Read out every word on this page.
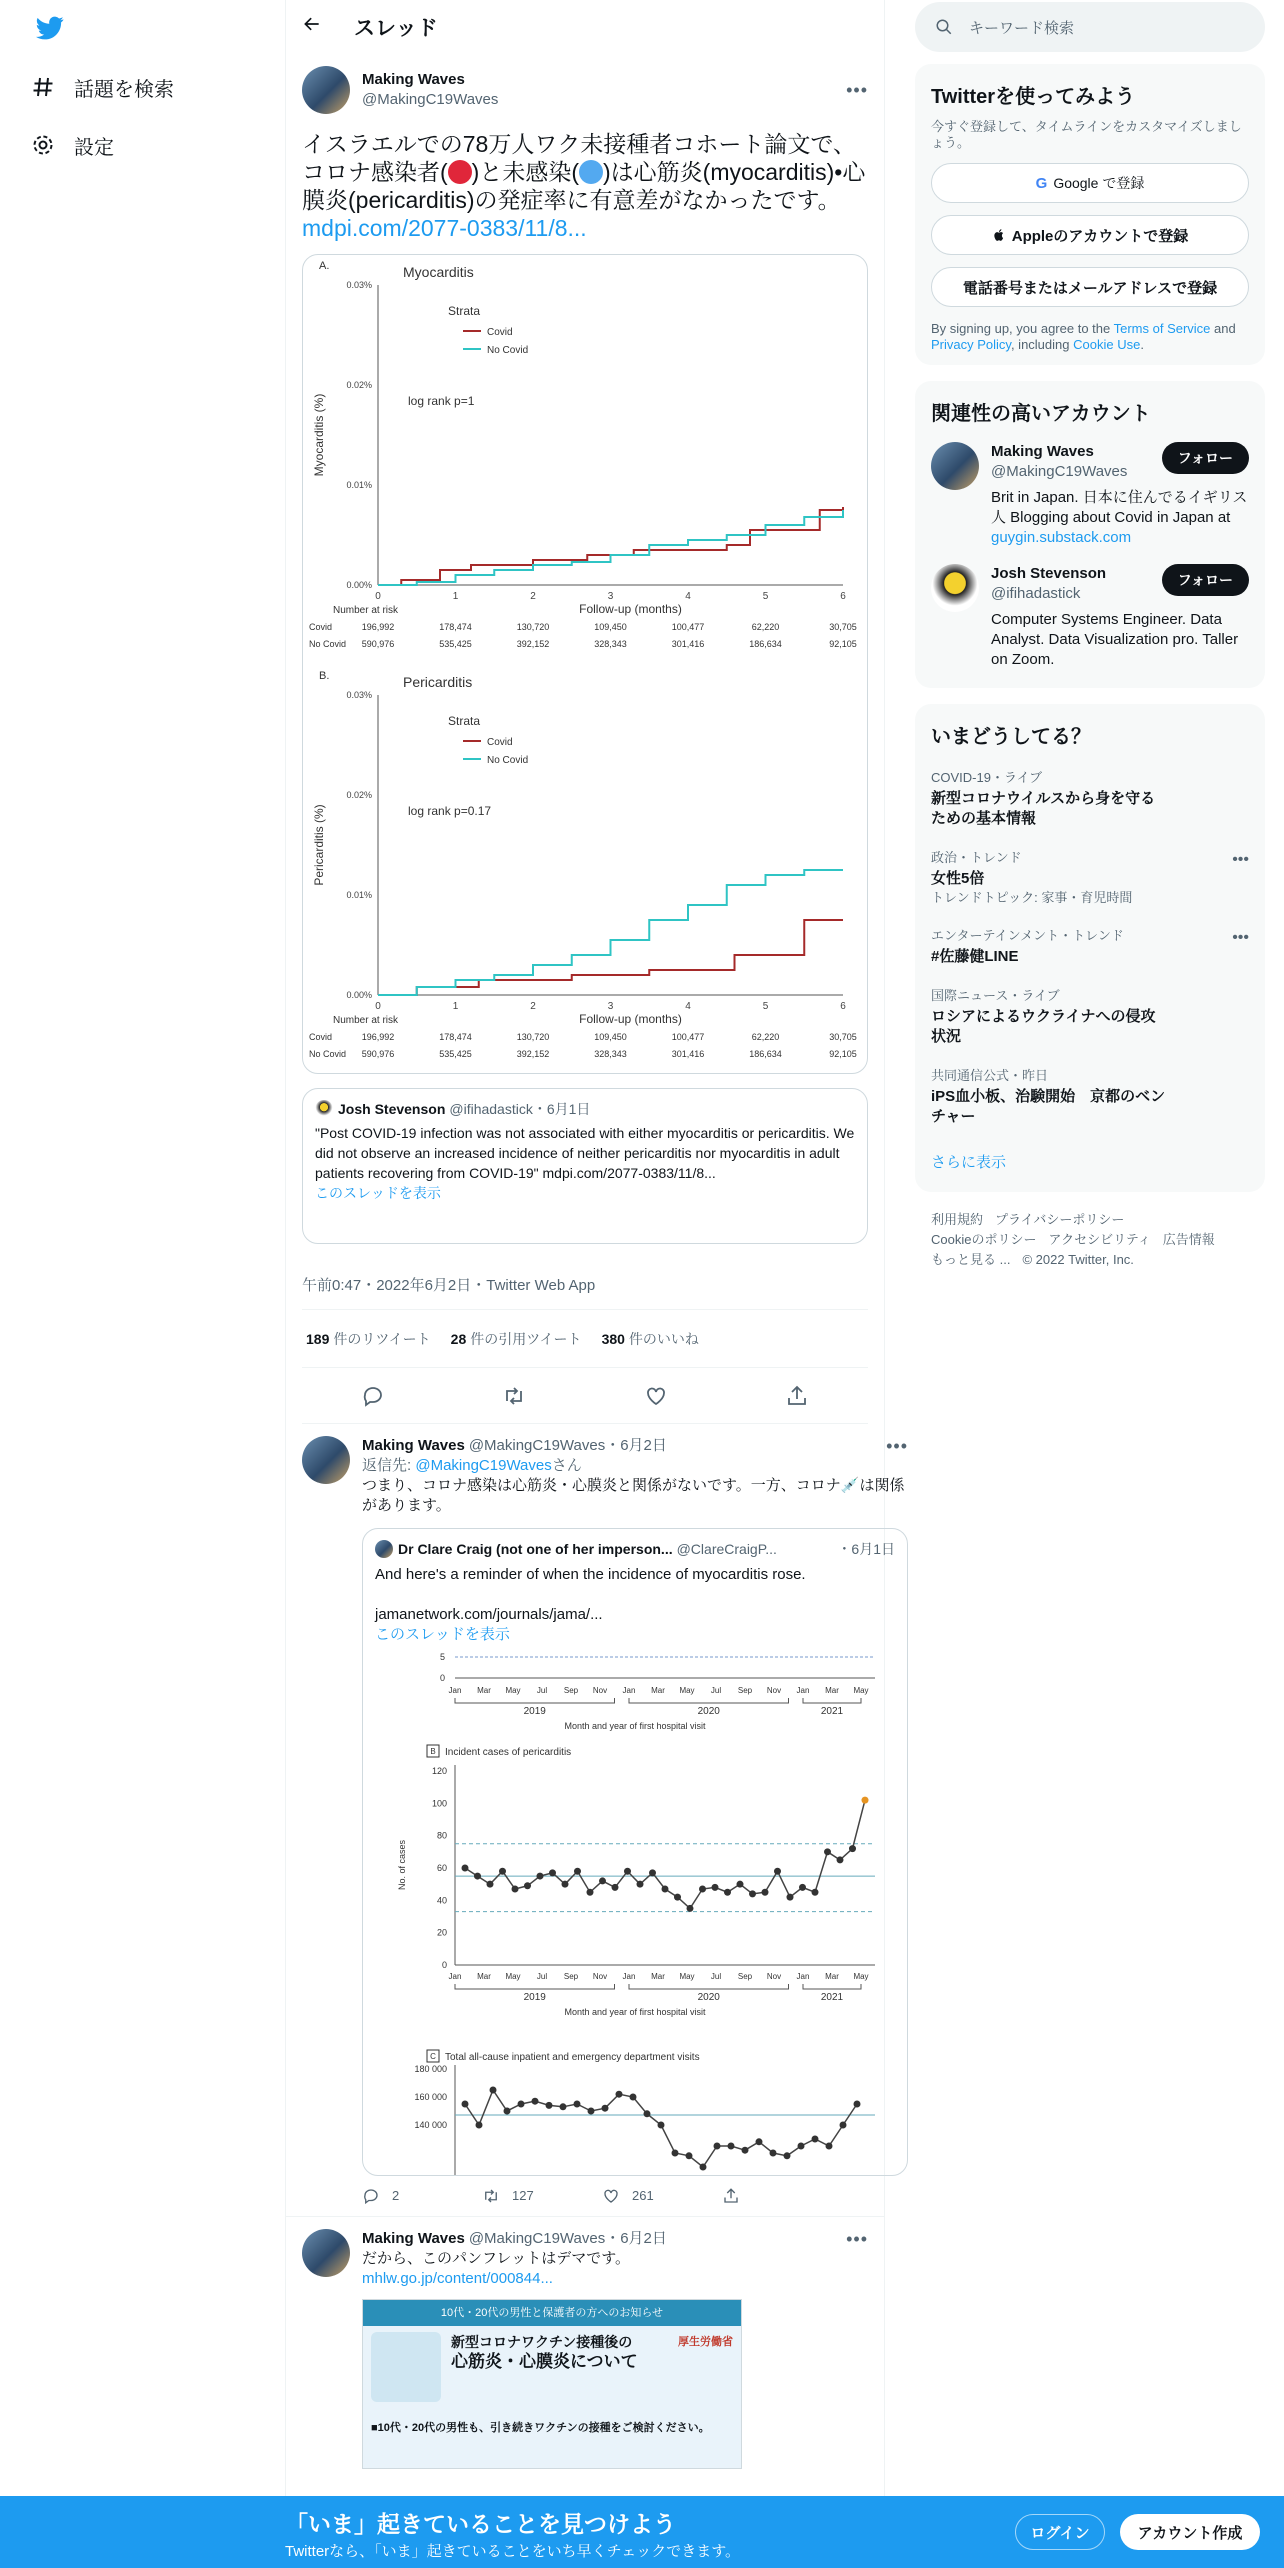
話題を検索
設定
スレッド
Making Waves
@MakingC19Waves	•••
イスラエルでの78万人ワク未接種者コホート論文で、コロナ感染者( )と未感染( )は心筋炎(myocarditis)•心膜炎(pericarditis)の発症率に有意差がなかったです。
mdpi.com/2077-0383/11/8...
A.	Myocarditis
0.00%
0.01%
0.02%
0.03%
0	1	2	3	4	5	6
Myocarditis (%)
Follow-up (months)
Strata
Covid
No Covid
log rank p=1
Number at risk
Covid	196,992	178,474	130,720	109,450	100,477	62,220	30,705
No Covid 590,976	535,425	392,152	328,343	301,416	186,634	92,105
B.	Pericarditis
0.00%
0.01%
0.02%
0.03%
0	1	2	3	4	5	6
Pericarditis (%)
Follow-up (months)
Strata
Covid
No Covid
log rank p=0.17
Number at risk
Covid	196,992	178,474	130,720	109,450	100,477	62,220	30,705
No Covid 590,976	535,425	392,152	328,343	301,416	186,634	92,105
Josh Stevenson @ifihadastick ・6月1日
"Post COVID-19 infection was not associated with either myocarditis or pericarditis. We did not observe an increased incidence of neither pericarditis nor myocarditis in adult patients recovering from COVID-19" mdpi.com/2077-0383/11/8...
このスレッドを表示
午前0:47・2022年6月2日・Twitter Web App
189 件のリツイート 28 件の引用ツイート 380 件のいいね
Making Waves @MakingC19Waves・6月2日	•••
返信先: @MakingC19Wavesさん
つまり、コロナ感染は心筋炎・心膜炎と関係がないです。一方、コロナ💉は関係があります。
Dr Clare Craig (not one of her imperson... @ClareCraigP...	・6月1日
And here's a reminder of when the incidence of myocarditis rose.
jamanetwork.com/journals/jama/...
このスレッドを表示
5
0
Jan Mar May Jul Sep Nov Jan Mar May Jul Sep Nov Jan Mar May
2019	2020	2021
Month and year of first hospital visit
B Incident cases of pericarditis
0
20
40
60
80
100
120
No. of cases
Jan Mar May Jul Sep Nov Jan Mar May Jul Sep Nov Jan Mar May
2019	2020	2021
Month and year of first hospital visit
C Total all-cause inpatient and emergency department visits
140 000
160 000
180 000
2	127	261
Making Waves @MakingC19Waves・6月2日	•••
だから、このパンフレットはデマです。
mhlw.go.jp/content/000844...
10代・20代の男性と保護者の方へのお知らせ
新型コロナワクチン接種後の
心筋炎・心膜炎について
厚生労働省
■10代・20代の男性も、引き続きワクチンの接種をご検討ください。
キーワード検索
Twitterを使ってみよう
今すぐ登録して、タイムラインをカスタマイズしましょう。
G Google で登録
Appleのアカウントで登録
電話番号またはメールアドレスで登録
By signing up, you agree to the Terms of Service and Privacy Policy, including Cookie Use.
関連性の高いアカウント
Making Waves
@MakingC19Waves
フォロー
Brit in Japan. 日本に住んでるイギリス人 Blogging about Covid in Japan at guygin.substack.com
Josh Stevenson
@ifihadastick
フォロー
Computer Systems Engineer. Data Analyst. Data Visualization pro. Taller on Zoom.
いまどうしてる？
COVID-19・ライブ
新型コロナウイルスから身を守るための基本情報
政治・トレンド
女性5倍
トレンドトピック: 家事・育児時間
•••
エンターテインメント・トレンド
#佐藤健LINE
•••
国際ニュース・ライブ
ロシアによるウクライナへの侵攻状況
共同通信公式・昨日
iPS血小板、治験開始　京都のベンチャー
さらに表示
利用規約 プライバシーポリシー
Cookieのポリシー アクセシビリティ 広告情報
もっと見る ... © 2022 Twitter, Inc.
「いま」起きていることを見つけよう
Twitterなら、「いま」起きていることをいち早くチェックできます。
ログイン	アカウント作成
